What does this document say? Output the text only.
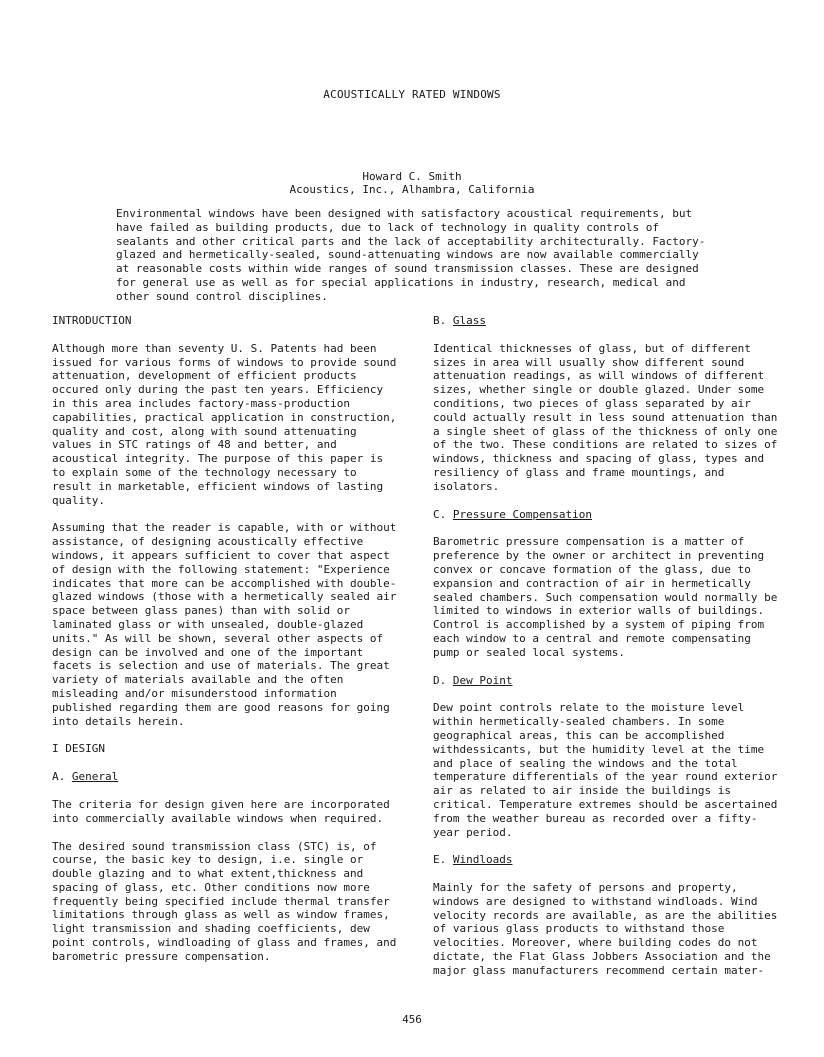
ACOUSTICALLY RATED WINDOWS
Howard C. Smith
Acoustics, Inc., Alhambra, California
Environmental windows have been designed with satisfactory acoustical requirements, but have failed as building products, due to lack of technology in quality controls of sealants and other critical parts and the lack of acceptability architecturally. Factory-glazed and hermetically-sealed, sound-attenuating windows are now available commercially at reasonable costs within wide ranges of sound transmission classes. These are designed for general use as well as for special applications in industry, research, medical and other sound control disciplines.
INTRODUCTION
Although more than seventy U. S. Patents had been issued for various forms of windows to provide sound attenuation, development of efficient products occured only during the past ten years. Efficiency in this area includes factory-mass-production capabilities, practical application in construction, quality and cost, along with sound attenuating values in STC ratings of 48 and better, and acoustical integrity. The purpose of this paper is to explain some of the technology necessary to result in marketable, efficient windows of lasting quality.
Assuming that the reader is capable, with or without assistance, of designing acoustically effective windows, it appears sufficient to cover that aspect of design with the following statement: "Experience indicates that more can be accomplished with double-glazed windows (those with a hermetically sealed air space between glass panes) than with solid or laminated glass or with unsealed, double-glazed units." As will be shown, several other aspects of design can be involved and one of the important facets is selection and use of materials. The great variety of materials available and the often misleading and/or misunderstood information published regarding them are good reasons for going into details herein.
I DESIGN
A. General
The criteria for design given here are incorporated into commercially available windows when required.
The desired sound transmission class (STC) is, of course, the basic key to design, i.e. single or double glazing and to what extent,thickness and spacing of glass, etc. Other conditions now more frequently being specified include thermal transfer limitations through glass as well as window frames, light transmission and shading coefficients, dew point controls, windloading of glass and frames, and barometric pressure compensation.
B. Glass
Identical thicknesses of glass, but of different sizes in area will usually show different sound attenuation readings, as will windows of different sizes, whether single or double glazed. Under some conditions, two pieces of glass separated by air could actually result in less sound attenuation than a single sheet of glass of the thickness of only one of the two. These conditions are related to sizes of windows, thickness and spacing of glass, types and resiliency of glass and frame mountings, and isolators.
C. Pressure Compensation
Barometric pressure compensation is a matter of preference by the owner or architect in preventing convex or concave formation of the glass, due to expansion and contraction of air in hermetically sealed chambers. Such compensation would normally be limited to windows in exterior walls of buildings. Control is accomplished by a system of piping from each window to a central and remote compensating pump or sealed local systems.
D. Dew Point
Dew point controls relate to the moisture level within hermetically-sealed chambers. In some geographical areas, this can be accomplished withdessicants, but the humidity level at the time and place of sealing the windows and the total temperature differentials of the year round exterior air as related to air inside the buildings is critical. Temperature extremes should be ascertained from the weather bureau as recorded over a fifty-year period.
E. Windloads
Mainly for the safety of persons and property, windows are designed to withstand windloads. Wind velocity records are available, as are the abilities of various glass products to withstand those velocities. Moreover, where building codes do not dictate, the Flat Glass Jobbers Association and the major glass manufacturers recommend certain mater-
456
